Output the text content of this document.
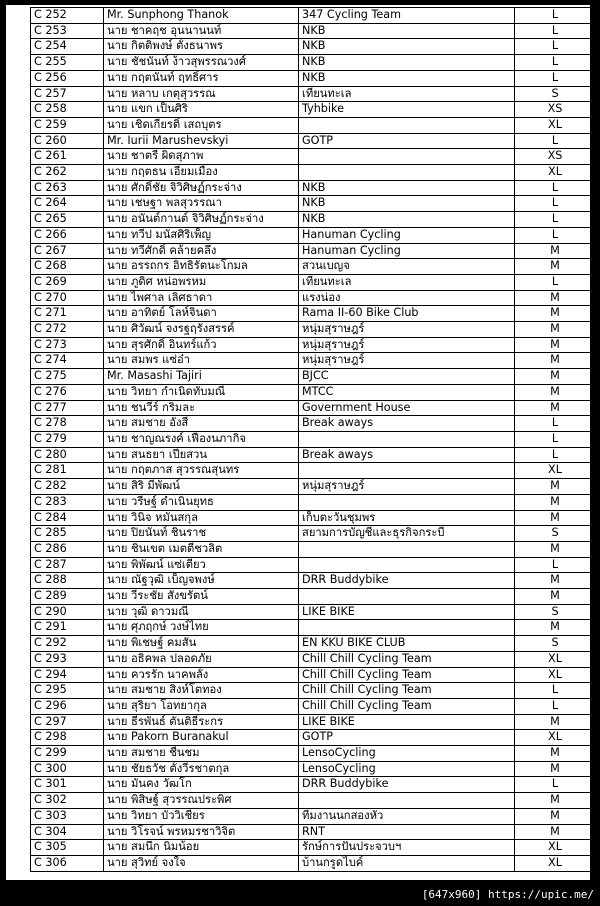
C 252	Mr. Sunphong Thanok	347 Cycling Team	L
C 253	นาย ชาคฤช อุนนานนท์	NKB	L
C 254	นาย กิตติพงษ์ ตั้งธนาพร	NKB	L
C 255	นาย ชัชนันท์ ง้าวสุพรรณวงศ์	NKB	L
C 256	นาย กฤตนันท์ ฤทธิ์ศาร	NKB	L
C 257	นาย หลาบ เกตุสุวรรณ	เทียนทะเล	S
C 258	นาย แขก เป็นศิริ	Tyhbike	XS
C 259	นาย เชิดเกียรติ์ เสถบุตร		XL
C 260	Mr. Iurii Marushevskyi	GOTP	L
C 261	นาย ชาตรี ผิดสุภาพ		XS
C 262	นาย กฤตธน เอี่ยมเมือง		XL
C 263	นาย ศักดิ์ชัย จิวิศิษฏ์กระจ่าง	NKB	L
C 264	นาย เชษฐา พลสุวรรณา	NKB	L
C 265	นาย อนันต์กานต์ จิวิศิษฏ์กระจ่าง	NKB	L
C 266	นาย ทวีป มนัสศิริเพ็ญ	Hanuman Cycling	L
C 267	นาย ทวีศักดิ์ คล้ายคลึง	Hanuman Cycling	M
C 268	นาย อรรถกร อิทธิรัตนะโกมล	สวนเบญจ	M
C 269	นาย ภูดิศ หน่อพรหม	เทียนทะเล	L
C 270	นาย ไพศาล เลิศธาดา	แรงน่อง	M
C 271	นาย อาทิตย์ โลห์จินดา	Rama II-60 Bike Club	M
C 272	นาย ศิวัฒน์ จงรฐฤรังสรรค์	หนุ่มสุราษฎร์	M
C 273	นาย สุรศักดิ์ อินทร์แก้ว	หนุ่มสุราษฎร์	M
C 274	นาย สมพร แซ่อ๋า	หนุ่มสุราษฎร์	M
C 275	Mr. Masashi Tajiri	BJCC	M
C 276	นาย วิทยา กำเนิดทับมณี	MTCC	M
C 277	นาย ชนวีร์ กริมละ	Government House	M
C 278	นาย สมชาย อังสี	Break aways	L
C 279	นาย ชาญณรงค์ เฟื่องนภากิจ		L
C 280	นาย สนธยา เปียสวน	Break aways	L
C 281	นาย กฤตภาส สุวรรณสุนทร		XL
C 282	นาย สิริ มีพัฒน์	หนุ่มสุราษฎร์	M
C 283	นาย วรีษฐ์ ดำเนินยุทธ		M
C 284	นาย วินิจ หมั่นสกุล	เก็บตะวันชุมพร	M
C 285	นาย ปิยนันท์ ชินราช	สยามการบัญชีและธุรกิจกระบี่	S
C 286	นาย ชินเขต เมตตีชวลิต		M
C 287	นาย พิพัฒน์ แซ่เตียว		L
C 288	นาย ณัฐวุฒิ เบ็ญจพงษ์	DRR Buddybike	M
C 289	นาย วีระชัย สังขรัตน์		M
C 290	นาย วุฒิ ดาวมณี	LIKE BIKE	S
C 291	นาย ศุภฤกษ์ วงษ์ไทย		M
C 292	นาย พิเชษฐ์ คมสัน	EN KKU BIKE CLUB	S
C 293	นาย อธิคพล ปลอดภัย	Chill Chill Cycling Team	XL
C 294	นาย ควรรัก นาคพลั้ง	Chill Chill Cycling Team	XL
C 295	นาย สมชาย สิงห์โตทอง	Chill Chill Cycling Team	L
C 296	นาย สุริยา โอทยากุล	Chill Chill Cycling Team	L
C 297	นาย ธีรพันธ์ ตันติธีระกร	LIKE BIKE	M
C 298	นาย Pakorn Buranakul	GOTP	XL
C 299	นาย สมชาย ชื่นชม	LensoCycling	M
C 300	นาย ชัยธวัช ตั้งวีรชาตกุล	LensoCycling	M
C 301	นาย มั่นคง วัฒโก	DRR Buddybike	L
C 302	นาย พิสิษฐ์ สุวรรณประพิศ		M
C 303	นาย วิทยา บัววิเชียร	ทีมงานนกสองหัว	M
C 304	นาย วิโรจน์ พรหมรชาวิจิต	RNT	M
C 305	นาย สมนึก นิ่มน้อย	รักษ์การปั่นประจวบฯ	XL
C 306	นาย สุวิทย์ จงใจ	บ้านกรูดไบค์	XL
[647x960] https://upic.me/
